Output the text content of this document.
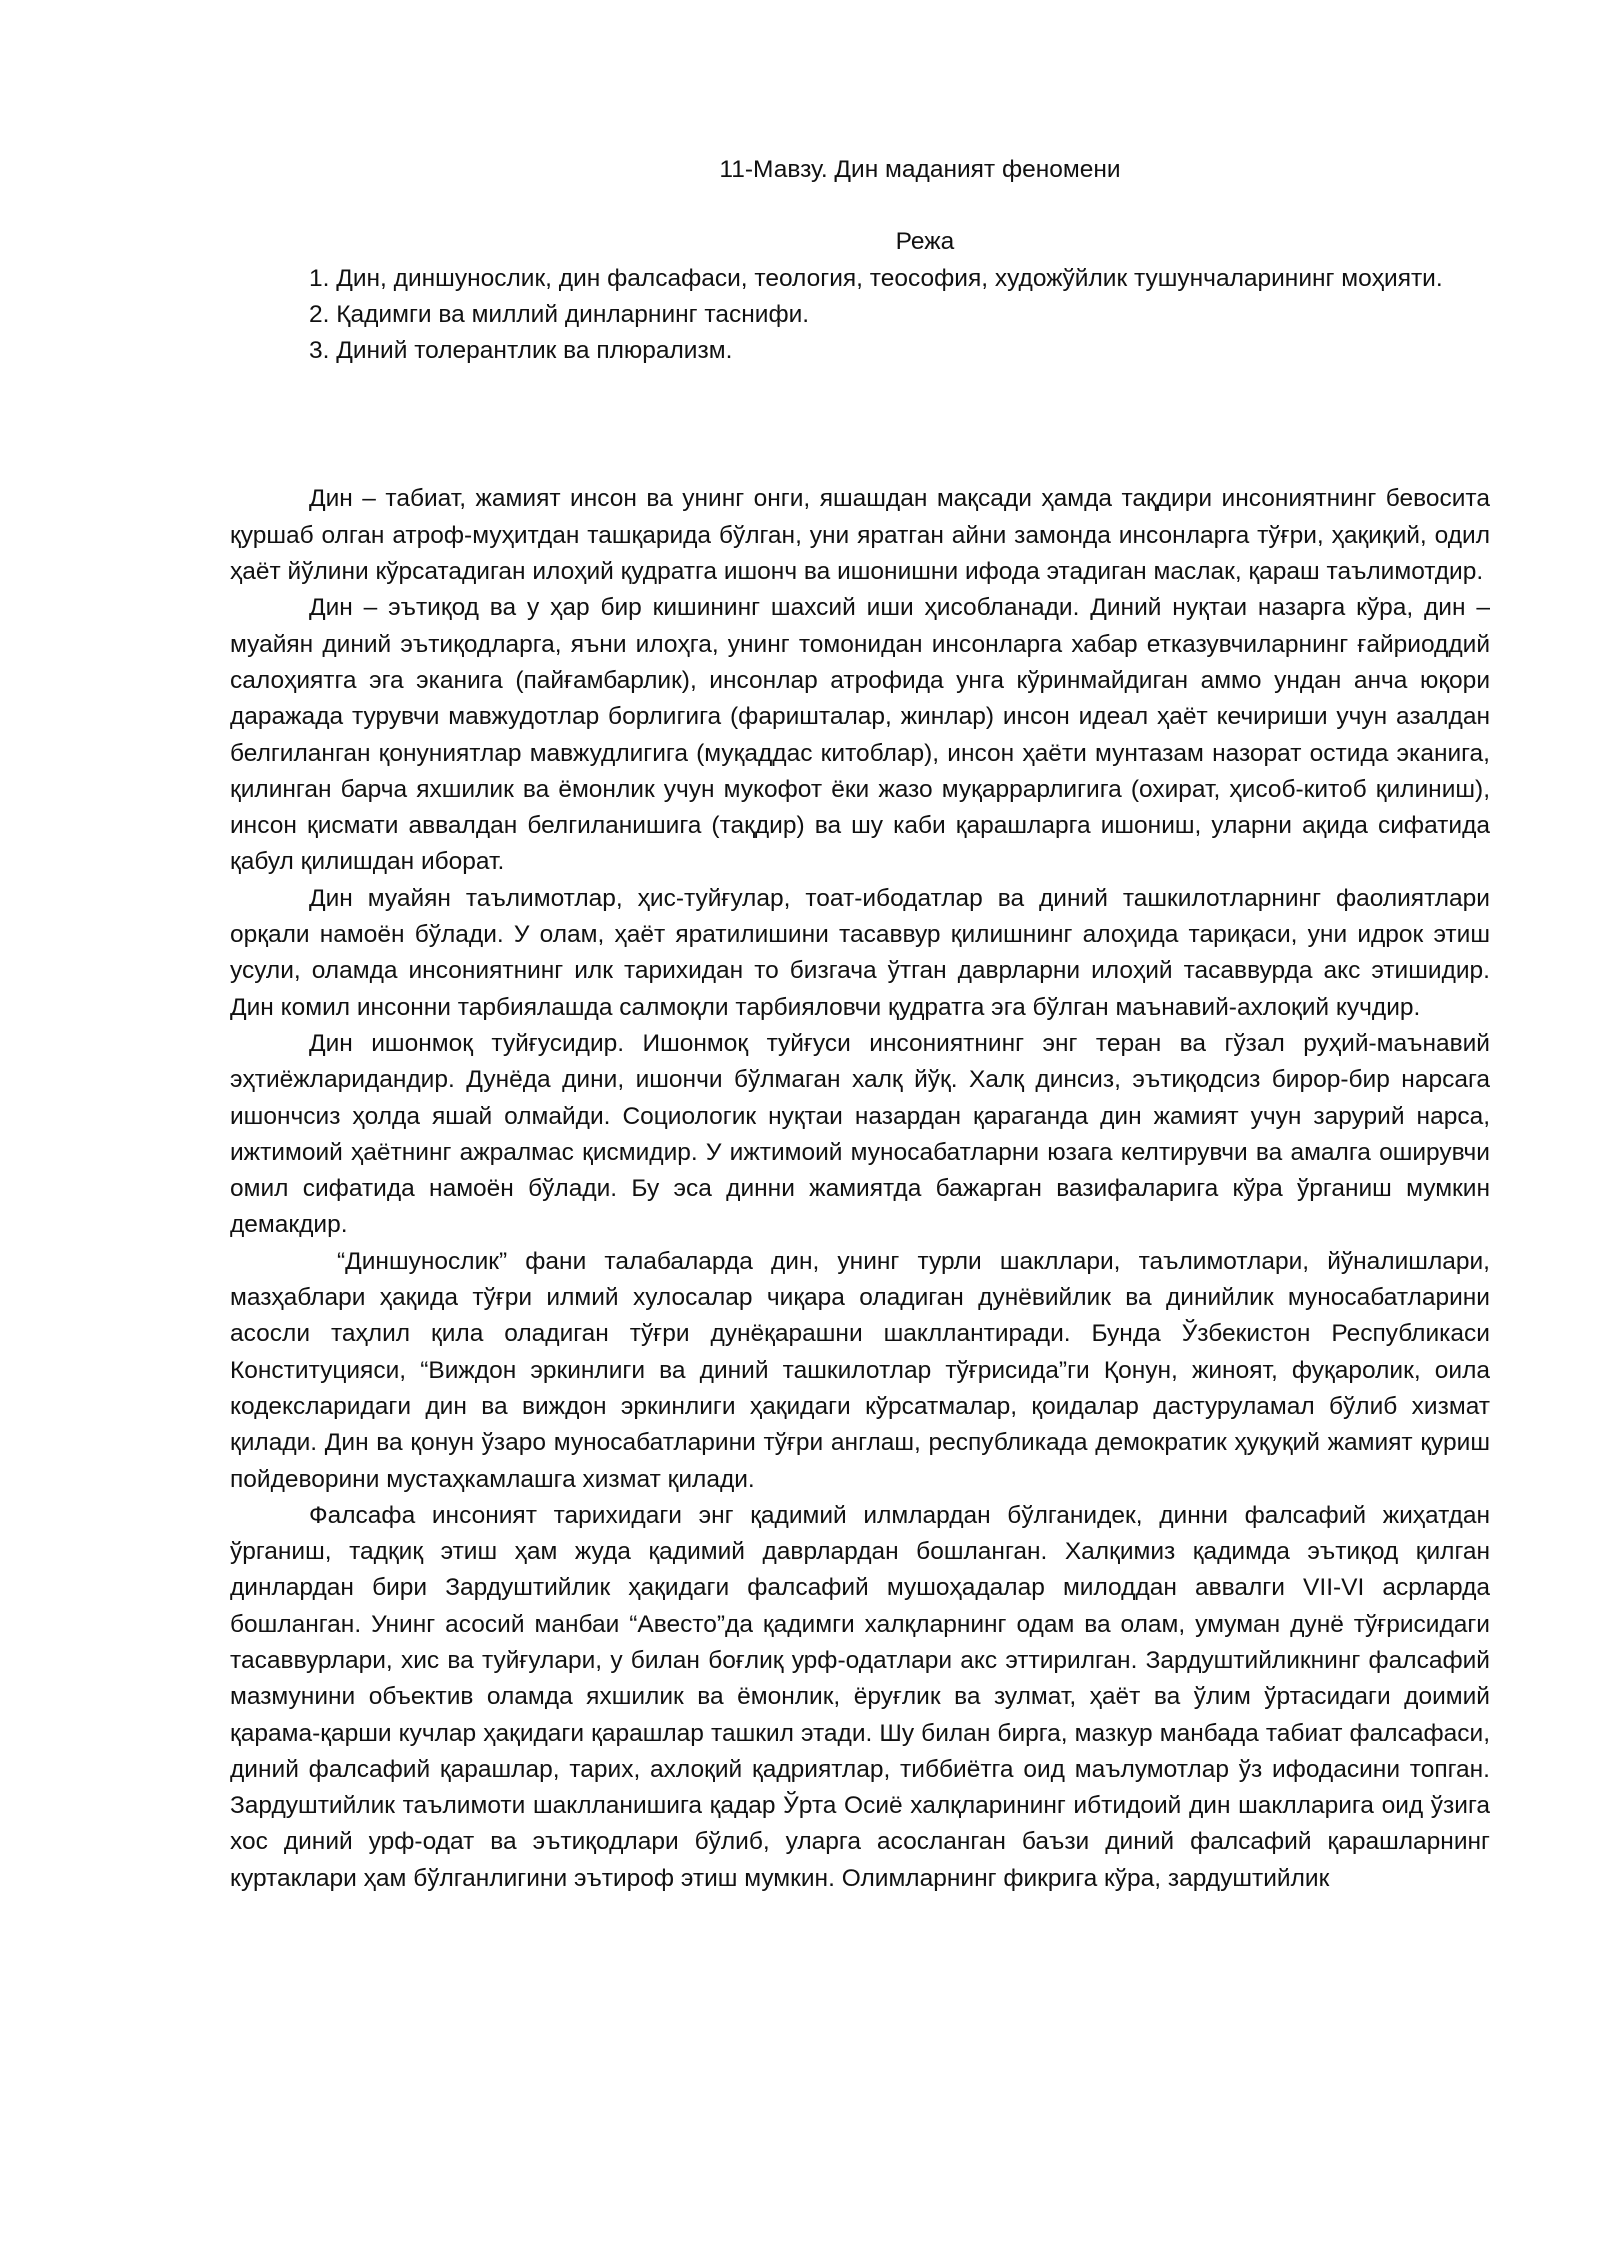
11-Мавзу. Дин маданият феномени
Режа
1. Дин, диншунослик, дин фалсафаси, теология, теософия, художўйлик тушунчаларининг моҳияти.
2. Қадимги ва миллий динларнинг таснифи.
3. Диний толерантлик ва плюрализм.

Дин – табиат, жамият инсон ва унинг онги, яшашдан мақсади ҳамда тақдири инсониятнинг бевосита қуршаб олган атроф-муҳитдан ташқарида бўлган, уни яратган айни замонда инсонларга тўғри, ҳақиқий, одил ҳаёт йўлини кўрсатадиган илоҳий қудратга ишонч ва ишонишни ифода этадиган маслак, қараш таълимотдир.

Дин – эътиқод ва у ҳар бир кишининг шахсий иши ҳисобланади. Диний нуқтаи назарга кўра, дин – муайян диний эътиқодларга, яъни илоҳга, унинг томонидан инсонларга хабар етказувчиларнинг ғайриоддий салоҳиятга эга эканига (пайғамбарлик), инсонлар атрофида унга кўринмайдиган аммо ундан анча юқори даражада турувчи мавжудотлар борлигига (фаришталар, жинлар) инсон идеал ҳаёт кечириши учун азалдан белгиланган қонуниятлар мавжудлигига (муқаддас китоблар), инсон ҳаёти мунтазам назорат остида эканига, қилинган барча яхшилик ва ёмонлик учун мукофот ёки жазо муқаррарлигига (охират, ҳисоб-китоб қилиниш), инсон қисмати аввалдан белгиланишига (тақдир) ва шу каби қарашларга ишониш, уларни ақида сифатида қабул қилишдан иборат.

Дин муайян таълимотлар, ҳис-туйғулар, тоат-ибодатлар ва диний ташкилотларнинг фаолиятлари орқали намоён бўлади. У олам, ҳаёт яратилишини тасаввур қилишнинг алоҳида тариқаси, уни идрок этиш усули, оламда инсониятнинг илк тарихидан то бизгача ўтган даврларни илоҳий тасаввурда акс этишидир. Дин комил инсонни тарбиялашда салмоқли тарбияловчи қудратга эга бўлган маънавий-ахлоқий кучдир.

Дин ишонмоқ туйғусидир. Ишонмоқ туйғуси инсониятнинг энг теран ва гўзал руҳий-маънавий эҳтиёжларидандир. Дунёда дини, ишончи бўлмаган халқ йўқ. Халқ динсиз, эътиқодсиз бирор-бир нарсага ишончсиз ҳолда яшай олмайди. Социологик нуқтаи назардан қараганда дин жамият учун зарурий нарса, ижтимоий ҳаётнинг ажралмас қисмидир. У ижтимоий муносабатларни юзага келтирувчи ва амалга оширувчи омил сифатида намоён бўлади. Бу эса динни жамиятда бажарган вазифаларига кўра ўрганиш мумкин демакдир.

“Диншунослик” фани талабаларда дин, унинг турли шакллари, таълимотлари, йўналишлари, мазҳаблари ҳақида тўғри илмий хулосалар чиқара оладиган дунёвийлик ва динийлик муносабатларини асосли таҳлил қила оладиган тўғри дунёқарашни шакллантиради. Бунда Ўзбекистон Республикаси Конституцияси, “Виждон эркинлиги ва диний ташкилотлар тўғрисида”ги Қонун, жиноят, фуқаролик, оила кодексларидаги дин ва виждон эркинлиги ҳақидаги кўрсатмалар, қоидалар дастуруламал бўлиб хизмат қилади. Дин ва қонун ўзаро муносабатларини тўғри англаш, республикада демократик ҳуқуқий жамият қуриш пойдеворини мустаҳкамлашга хизмат қилади.

Фалсафа инсоният тарихидаги энг қадимий илмлардан бўлганидек, динни фалсафий жиҳатдан ўрганиш, тадқиқ этиш ҳам жуда қадимий даврлардан бошланган. Халқимиз қадимда эътиқод қилган динлардан бири Зардуштийлик ҳақидаги фалсафий мушоҳадалар милоддан аввалги VII-VI асрларда бошланган. Унинг асосий манбаи “Авесто”да қадимги халқларнинг одам ва олам, умуман дунё тўғрисидаги тасаввурлари, хис ва туйғулари, у билан боғлиқ урф-одатлари акс эттирилган. Зардуштийликнинг фалсафий мазмунини объектив оламда яхшилик ва ёмонлик, ёруғлик ва зулмат, ҳаёт ва ўлим ўртасидаги доимий қарама-қарши кучлар ҳақидаги қарашлар ташкил этади. Шу билан бирга, мазкур манбада табиат фалсафаси, диний фалсафий қарашлар, тарих, ахлоқий қадриятлар, тиббиётга оид маълумотлар ўз ифодасини топган. Зардуштийлик таълимоти шаклланишига қадар Ўрта Осиё халқларининг ибтидоий дин шаклларига оид ўзига хос диний урф-одат ва эътиқодлари бўлиб, уларга асосланган баъзи диний фалсафий қарашларнинг куртаклари ҳам бўлганлигини эътироф этиш мумкин. Олимларнинг фикрига кўра, зардуштийлик
